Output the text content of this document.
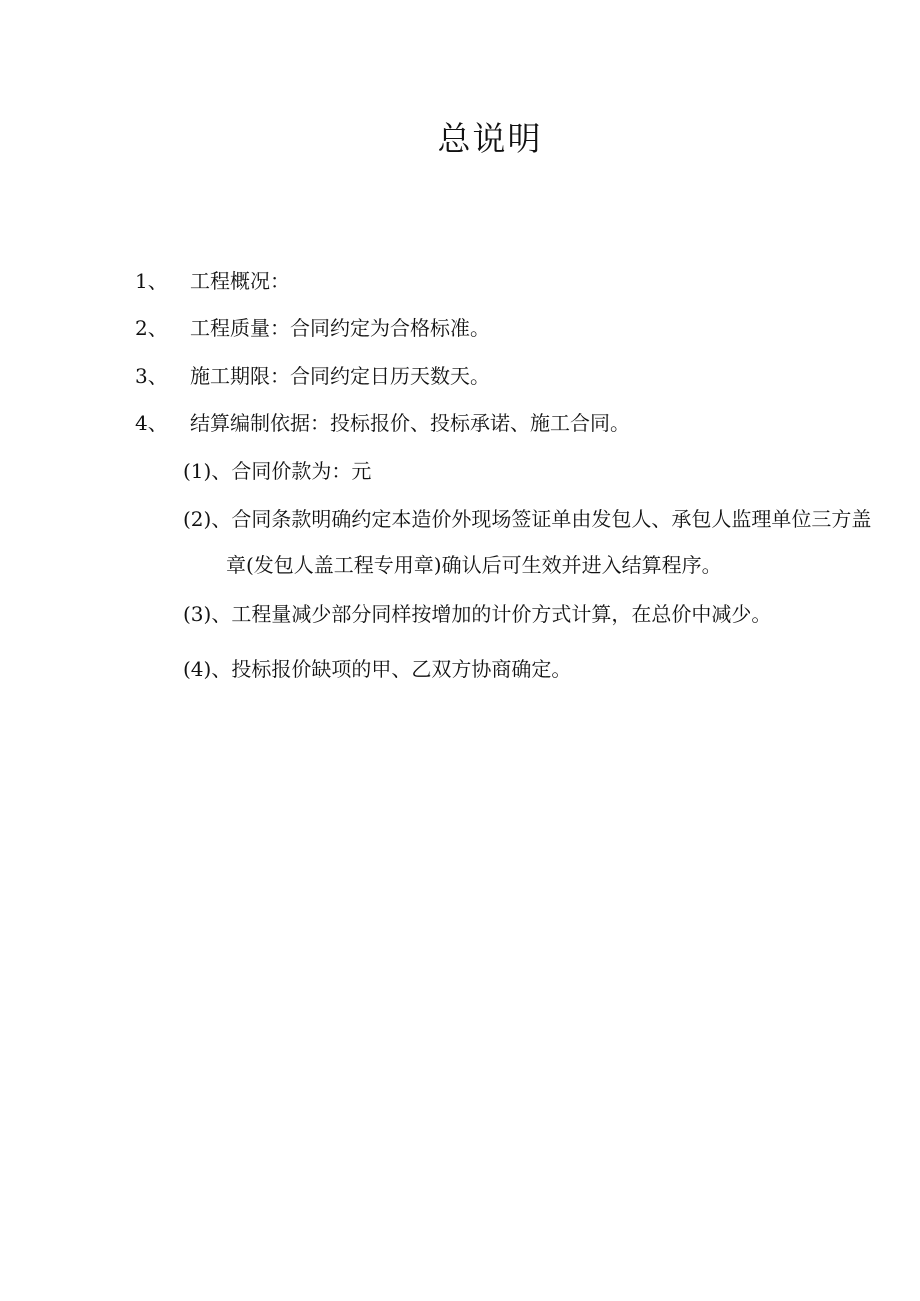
总说明
1、 工程概况：
2、 工程质量：合同约定为合格标准。
3、 施工期限：合同约定日历天数天。
4、 结算编制依据：投标报价、投标承诺、施工合同。
(1)、合同价款为：元
(2)、合同条款明确约定本造价外现场签证单由发包人、承包人监理单位三方盖
章(发包人盖工程专用章)确认后可生效并进入结算程序。
(3)、工程量减少部分同样按增加的计价方式计算，在总价中减少。
(4)、投标报价缺项的甲、乙双方协商确定。
